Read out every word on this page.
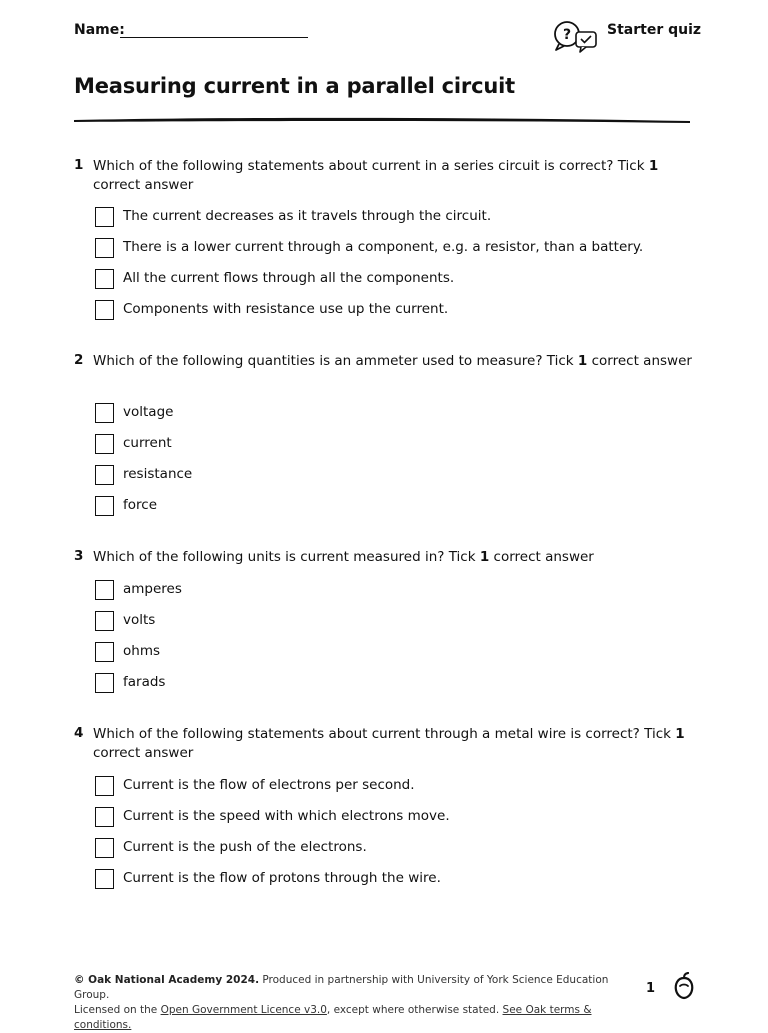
Name:	?	Starter quiz
Measuring current in a parallel circuit
1 Which of the following statements about current in a series circuit is correct? Tick 1 correct answer
The current decreases as it travels through the circuit.
There is a lower current through a component, e.g. a resistor, than a battery.
All the current flows through all the components.
Components with resistance use up the current.
2 Which of the following quantities is an ammeter used to measure? Tick 1 correct answer
voltage
current
resistance
force
3 Which of the following units is current measured in? Tick 1 correct answer
amperes
volts
ohms
farads
4 Which of the following statements about current through a metal wire is correct? Tick 1 correct answer
Current is the flow of electrons per second.
Current is the speed with which electrons move.
Current is the push of the electrons.
Current is the flow of protons through the wire.
© Oak National Academy 2024. Produced in partnership with University of York Science Education Group.
Licensed on the Open Government Licence v3.0, except where otherwise stated. See Oak terms & conditions.
1
